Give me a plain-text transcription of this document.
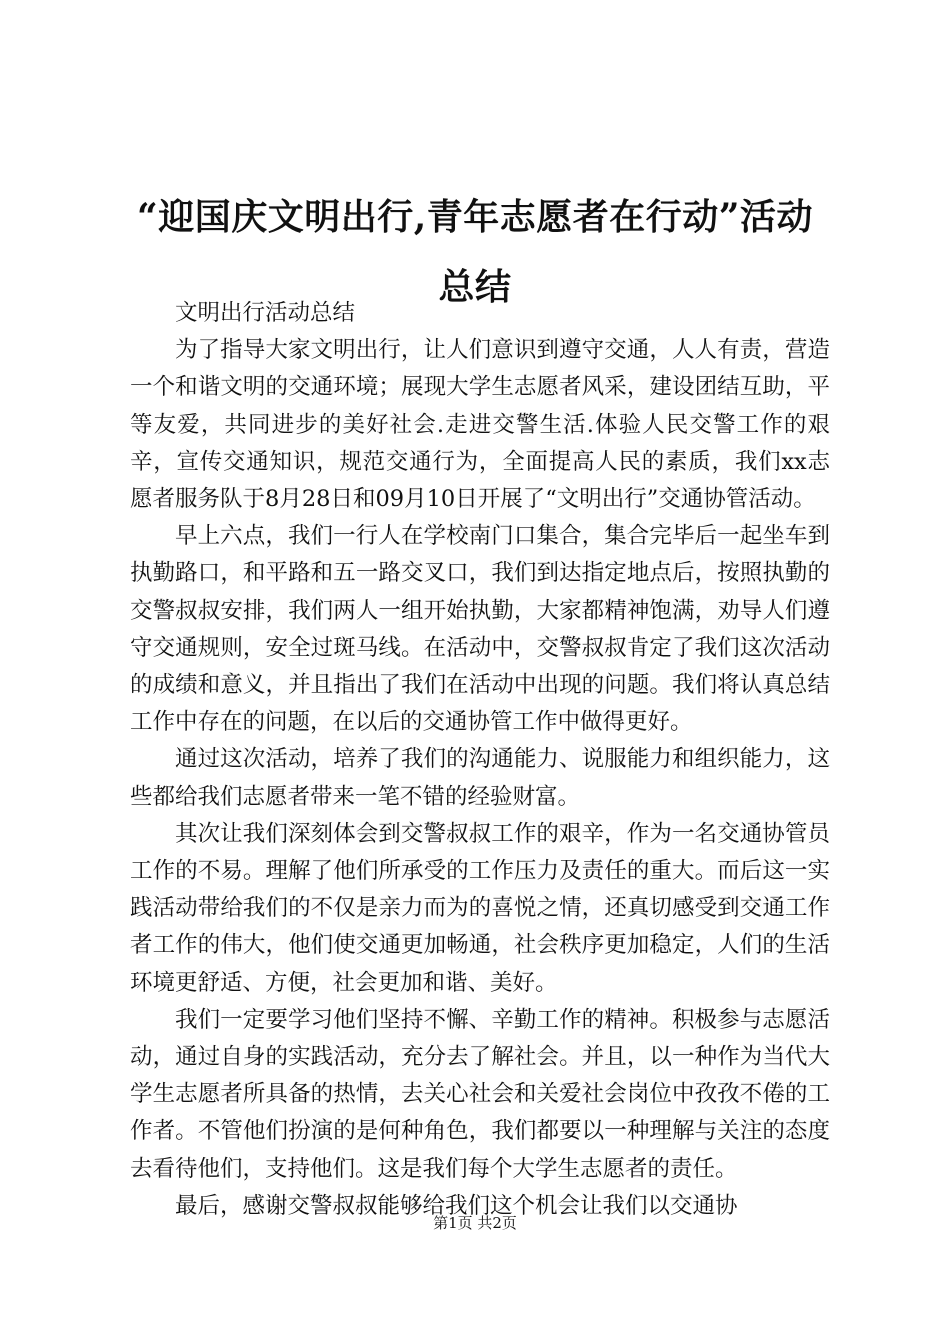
“迎国庆文明出行,青年志愿者在行动”活动
总结

文明出行活动总结

为了指导大家文明出行，让人们意识到遵守交通，人人有责，营造一个和谐文明的交通环境；展现大学生志愿者风采，建设团结互助，平等友爱，共同进步的美好社会.走进交警生活.体验人民交警工作的艰辛，宣传交通知识，规范交通行为，全面提高人民的素质，我们xx志愿者服务队于8月28日和09月10日开展了“文明出行”交通协管活动。

早上六点，我们一行人在学校南门口集合，集合完毕后一起坐车到执勤路口，和平路和五一路交叉口，我们到达指定地点后，按照执勤的交警叔叔安排，我们两人一组开始执勤，大家都精神饱满，劝导人们遵守交通规则，安全过斑马线。在活动中，交警叔叔肯定了我们这次活动的成绩和意义，并且指出了我们在活动中出现的问题。我们将认真总结工作中存在的问题，在以后的交通协管工作中做得更好。

通过这次活动，培养了我们的沟通能力、说服能力和组织能力，这些都给我们志愿者带来一笔不错的经验财富。

其次让我们深刻体会到交警叔叔工作的艰辛，作为一名交通协管员工作的不易。理解了他们所承受的工作压力及责任的重大。而后这一实践活动带给我们的不仅是亲力而为的喜悦之情，还真切感受到交通工作者工作的伟大，他们使交通更加畅通，社会秩序更加稳定，人们的生活环境更舒适、方便，社会更加和谐、美好。

我们一定要学习他们坚持不懈、辛勤工作的精神。积极参与志愿活动，通过自身的实践活动，充分去了解社会。并且，以一种作为当代大学生志愿者所具备的热情，去关心社会和关爱社会岗位中孜孜不倦的工作者。不管他们扮演的是何种角色，我们都要以一种理解与关注的态度去看待他们，支持他们。这是我们每个大学生志愿者的责任。

最后，感谢交警叔叔能够给我们这个机会让我们以交通协

第1页 共2页
